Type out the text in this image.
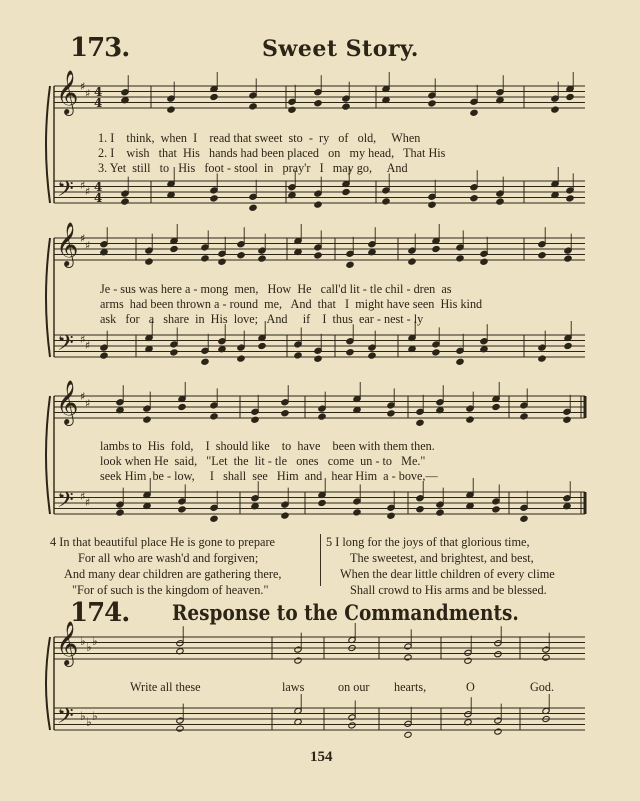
𝄞
𝄢
♯
♯
♯ ♯
4
4
4
4
𝄞
𝄢
♯
♯
♯ ♯
𝄞
𝄢
♯
♯
♯ ♯
𝄞
𝄢
♭ ♭ ♭
♭ ♭ ♭
173.	Sweet Story.
1. I    think,  when  I    read that sweet  sto  -  ry   of   old,     When
2. I    wish   that  His   hands had been placed   on   my head,   That His
3. Yet  still   to   His   foot - stool  in   pray'r   I   may go,     And
Je - sus was here a - mong  men,   How  He   call'd lit - tle chil - dren  as
arms  had been thrown a - round  me,   And  that   I  might have seen  His kind
ask   for   a   share  in  His  love;   And     if    I  thus  ear - nest - ly
lambs to  His  fold,    I  should like    to  have    been with them then.
look when He  said,   "Let  the  lit - tle   ones   come  un - to   Me."
seek Him  be - low,     I   shall  see   Him  and   hear Him  a - bove,—
4 In that beautiful place He is gone to prepare
For all who are wash'd and forgiven;
And many dear children are gathering there,
"For of such is the kingdom of heaven."
5 I long for the joys of that glorious time,
The sweetest, and brightest, and best,
When the dear little children of every clime
Shall crowd to His arms and be blessed.
174. Response to the Commandments.
Write all these	laws	on our hearts,	O	God.
154
